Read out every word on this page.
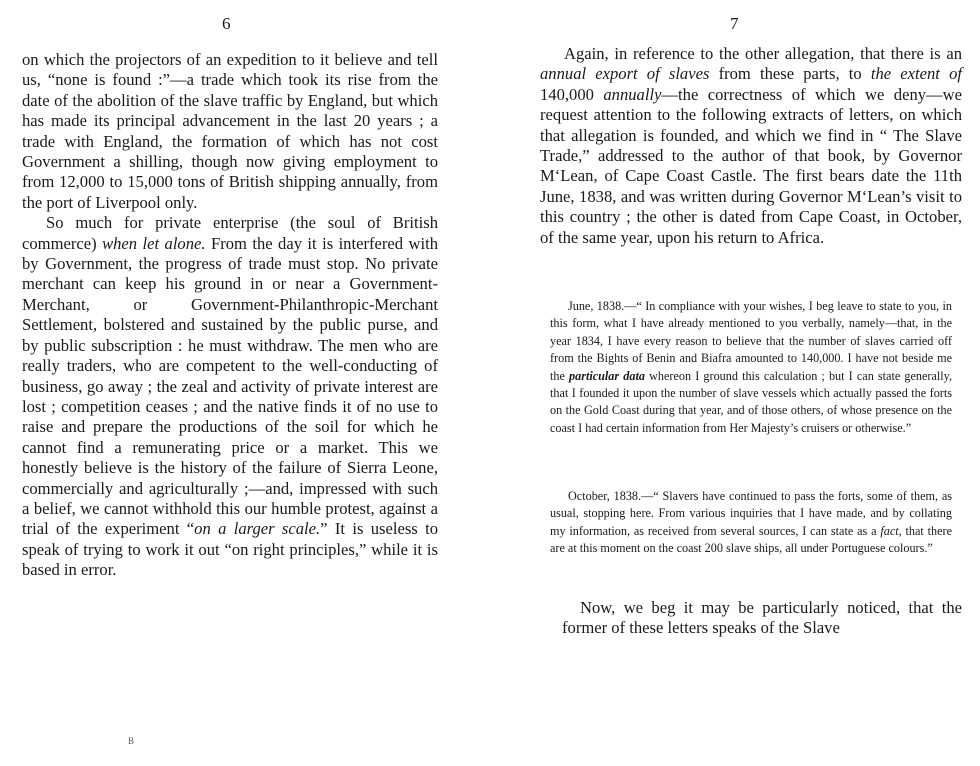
6

on which the projectors of an expedition to it believe and tell us, “none is found :”—a trade which took its rise from the date of the abolition of the slave traffic by England, but which has made its principal advancement in the last 20 years ; a trade with England, the formation of which has not cost Government a shilling, though now giving employment to from 12,000 to 15,000 tons of British shipping annually, from the port of Liverpool only.

So much for private enterprise (the soul of British commerce) when let alone. From the day it is interfered with by Government, the progress of trade must stop. No private merchant can keep his ground in or near a Government-Merchant, or Government-Philanthropic-Merchant Settlement, bolstered and sustained by the public purse, and by public subscription : he must withdraw. The men who are really traders, who are competent to the well-conducting of business, go away ; the zeal and activity of private interest are lost ; competition ceases ; and the native finds it of no use to raise and prepare the productions of the soil for which he cannot find a remunerating price or a market. This we honestly believe is the history of the failure of Sierra Leone, commercially and agriculturally ;—and, impressed with such a belief, we cannot withhold this our humble protest, against a trial of the experiment “on a larger scale.” It is useless to speak of trying to work it out “on right principles,” while it is based in error.

B
7

Again, in reference to the other allegation, that there is an annual export of slaves from these parts, to the extent of 140,000 annually—the correctness of which we deny—we request attention to the following extracts of letters, on which that allegation is founded, and which we find in “ The Slave Trade,” addressed to the author of that book, by Governor M‘Lean, of Cape Coast Castle. The first bears date the 11th June, 1838, and was written during Governor M‘Lean’s visit to this country ; the other is dated from Cape Coast, in October, of the same year, upon his return to Africa.

June, 1838.—“ In compliance with your wishes, I beg leave to state to you, in this form, what I have already mentioned to you verbally, namely—that, in the year 1834, I have every reason to believe that the number of slaves carried off from the Bights of Benin and Biafra amounted to 140,000. I have not beside me the particular data whereon I ground this calculation ; but I can state generally, that I founded it upon the number of slave vessels which actually passed the forts on the Gold Coast during that year, and of those others, of whose presence on the coast I had certain information from Her Majesty’s cruisers or otherwise.”

October, 1838.—“ Slavers have continued to pass the forts, some of them, as usual, stopping here. From various inquiries that I have made, and by collating my information, as received from several sources, I can state as a fact, that there are at this moment on the coast 200 slave ships, all under Portuguese colours.”

Now, we beg it may be particularly noticed, that the former of these letters speaks of the Slave
